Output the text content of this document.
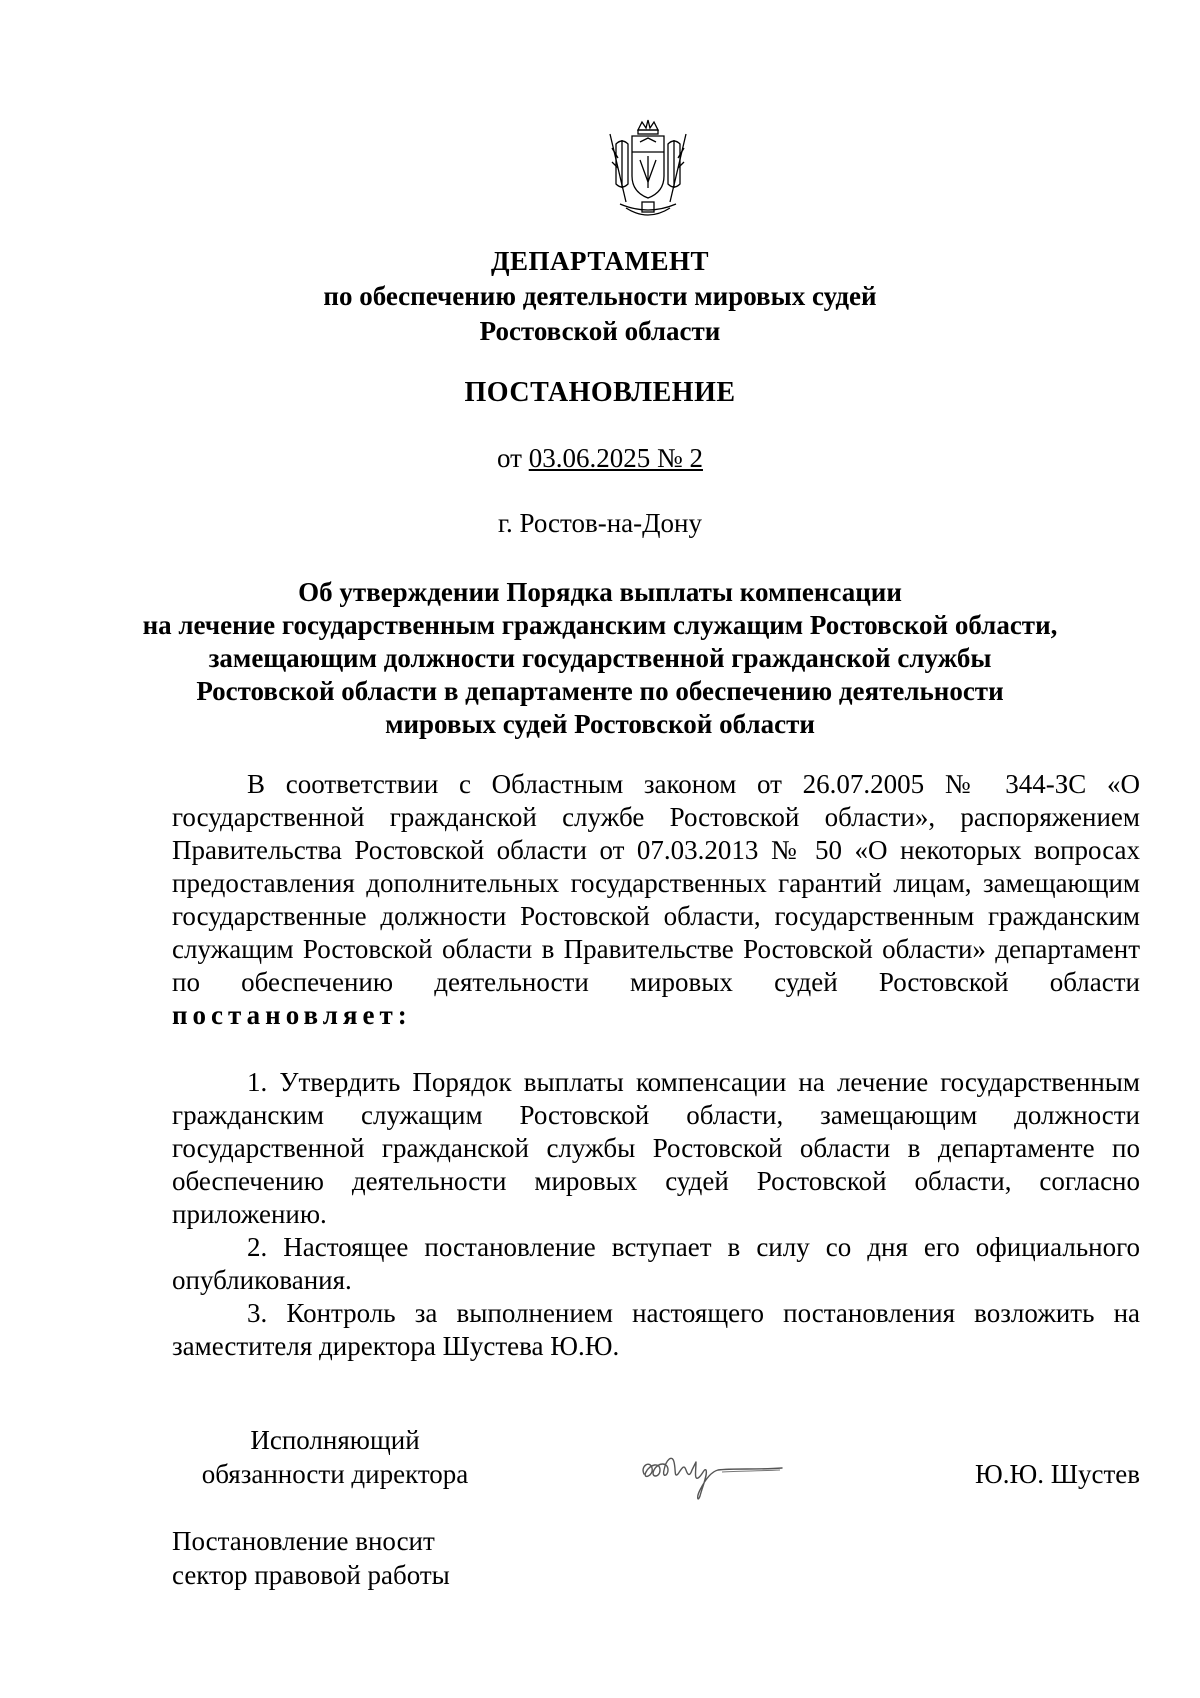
ДЕПАРТАМЕНТ
по обеспечению деятельности мировых судей
Ростовской области
ПОСТАНОВЛЕНИЕ
от 03.06.2025 № 2
г. Ростов-на-Дону
Об утверждении Порядка выплаты компенсации
на лечение государственным гражданским служащим Ростовской области,
замещающим должности государственной гражданской службы
Ростовской области в департаменте по обеспечению деятельности
мировых судей Ростовской области

В соответствии с Областным законом от 26.07.2005 № 344-ЗС «О государственной гражданской службе Ростовской области», распоряжением Правительства Ростовской области от 07.03.2013 № 50 «О некоторых вопросах предоставления дополнительных государственных гарантий лицам, замещающим государственные должности Ростовской области, государственным гражданским служащим Ростовской области в Правительстве Ростовской области» департамент по обеспечению деятельности мировых судей Ростовской области постановляет:

1. Утвердить Порядок выплаты компенсации на лечение государственным гражданским служащим Ростовской области, замещающим должности государственной гражданской службы Ростовской области в департаменте по обеспечению деятельности мировых судей Ростовской области, согласно приложению.

2. Настоящее постановление вступает в силу со дня его официального опубликования.

3. Контроль за выполнением настоящего постановления возложить на заместителя директора Шустева Ю.Ю.

Исполняющий
обязанности директора	Ю.Ю. Шустев
Постановление вносит
сектор правовой работы
